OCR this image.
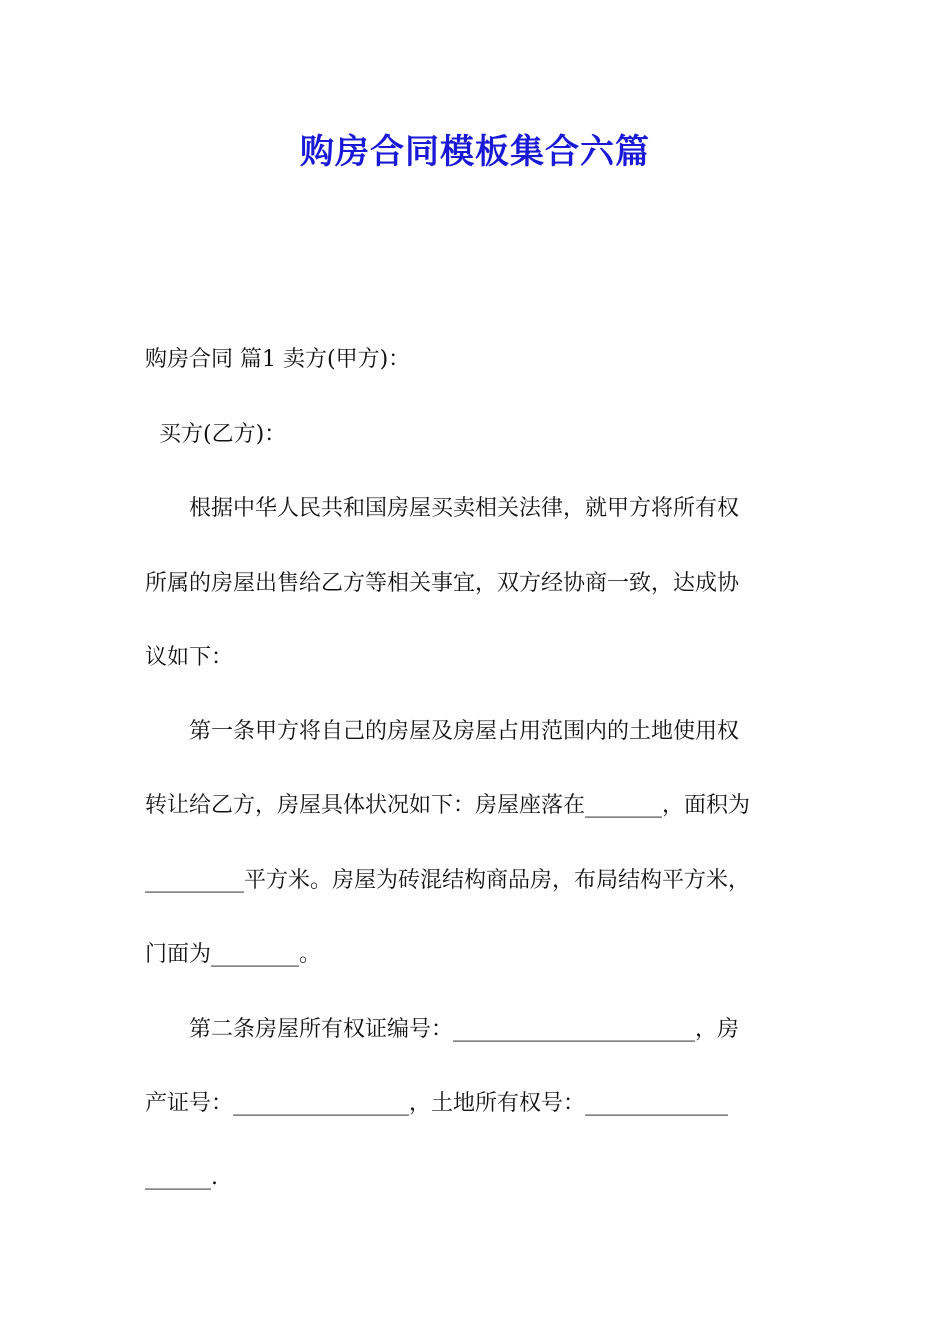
购房合同模板集合六篇
购房合同 篇1 卖方(甲方)：
买方(乙方)：
　　根据中华人民共和国房屋买卖相关法律，就甲方将所有权
所属的房屋出售给乙方等相关事宜，双方经协商一致，达成协
议如下：
　　第一条甲方将自己的房屋及房屋占用范围内的土地使用权
转让给乙方，房屋具体状况如下：房屋座落在_______，面积为
_________平方米。房屋为砖混结构商品房，布局结构平方米，
门面为________。
　　第二条房屋所有权证编号：______________________，房
产证号：________________，土地所有权号：_____________
______.
